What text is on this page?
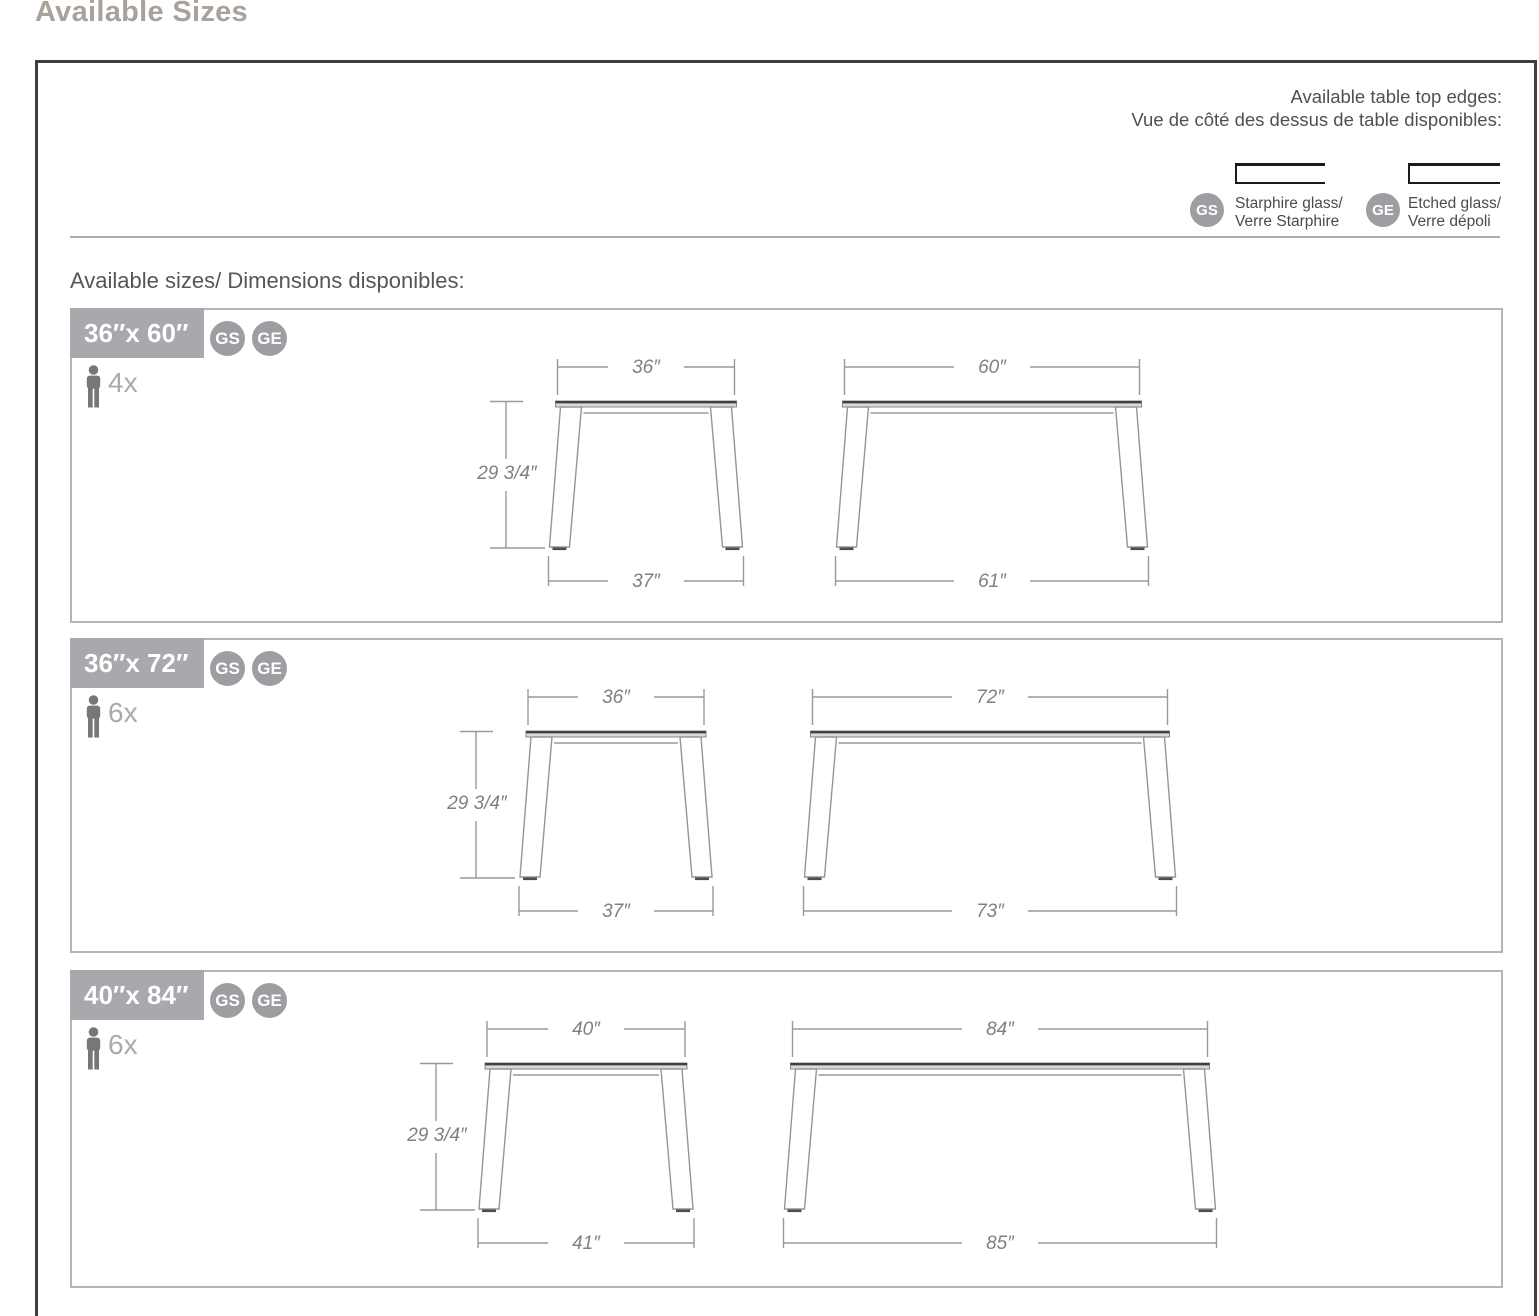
Available Sizes
Available table top edges:
Vue de côté des dessus de table disponibles:
GS	Starphire glass/
Verre Starphire
GE Etched glass/
Verre dépoli
Available sizes/ Dimensions disponibles:
36″
37″
29 3/4″
60″
61″
36″x 60″	GS	GE
4x
36″
37″
29 3/4″
72″
73″
36″x 72″	GS	GE
6x
40″
41″
29 3/4″
84″
85″
40″x 84″	GS	GE
6x
